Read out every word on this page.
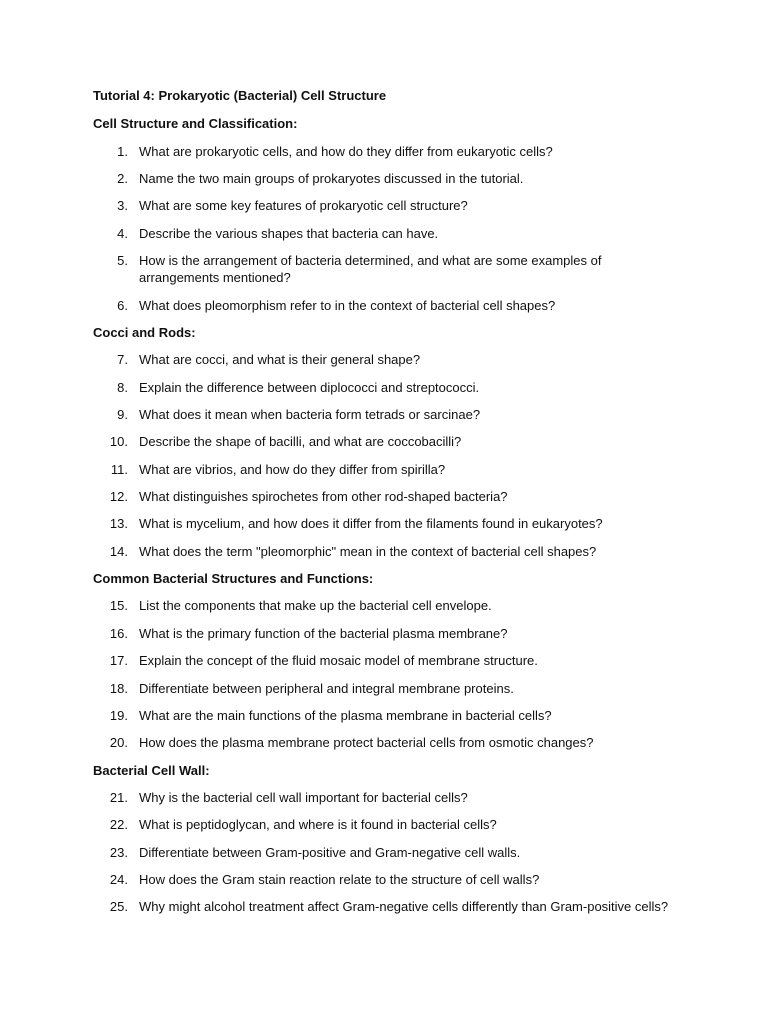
Tutorial 4: Prokaryotic (Bacterial) Cell Structure
Cell Structure and Classification:
1. What are prokaryotic cells, and how do they differ from eukaryotic cells?
2. Name the two main groups of prokaryotes discussed in the tutorial.
3. What are some key features of prokaryotic cell structure?
4. Describe the various shapes that bacteria can have.
5. How is the arrangement of bacteria determined, and what are some examples of arrangements mentioned?
6. What does pleomorphism refer to in the context of bacterial cell shapes?
Cocci and Rods:
7. What are cocci, and what is their general shape?
8. Explain the difference between diplococci and streptococci.
9. What does it mean when bacteria form tetrads or sarcinae?
10. Describe the shape of bacilli, and what are coccobacilli?
11. What are vibrios, and how do they differ from spirilla?
12. What distinguishes spirochetes from other rod-shaped bacteria?
13. What is mycelium, and how does it differ from the filaments found in eukaryotes?
14. What does the term "pleomorphic" mean in the context of bacterial cell shapes?
Common Bacterial Structures and Functions:
15. List the components that make up the bacterial cell envelope.
16. What is the primary function of the bacterial plasma membrane?
17. Explain the concept of the fluid mosaic model of membrane structure.
18. Differentiate between peripheral and integral membrane proteins.
19. What are the main functions of the plasma membrane in bacterial cells?
20. How does the plasma membrane protect bacterial cells from osmotic changes?
Bacterial Cell Wall:
21. Why is the bacterial cell wall important for bacterial cells?
22. What is peptidoglycan, and where is it found in bacterial cells?
23. Differentiate between Gram-positive and Gram-negative cell walls.
24. How does the Gram stain reaction relate to the structure of cell walls?
25. Why might alcohol treatment affect Gram-negative cells differently than Gram-positive cells?
